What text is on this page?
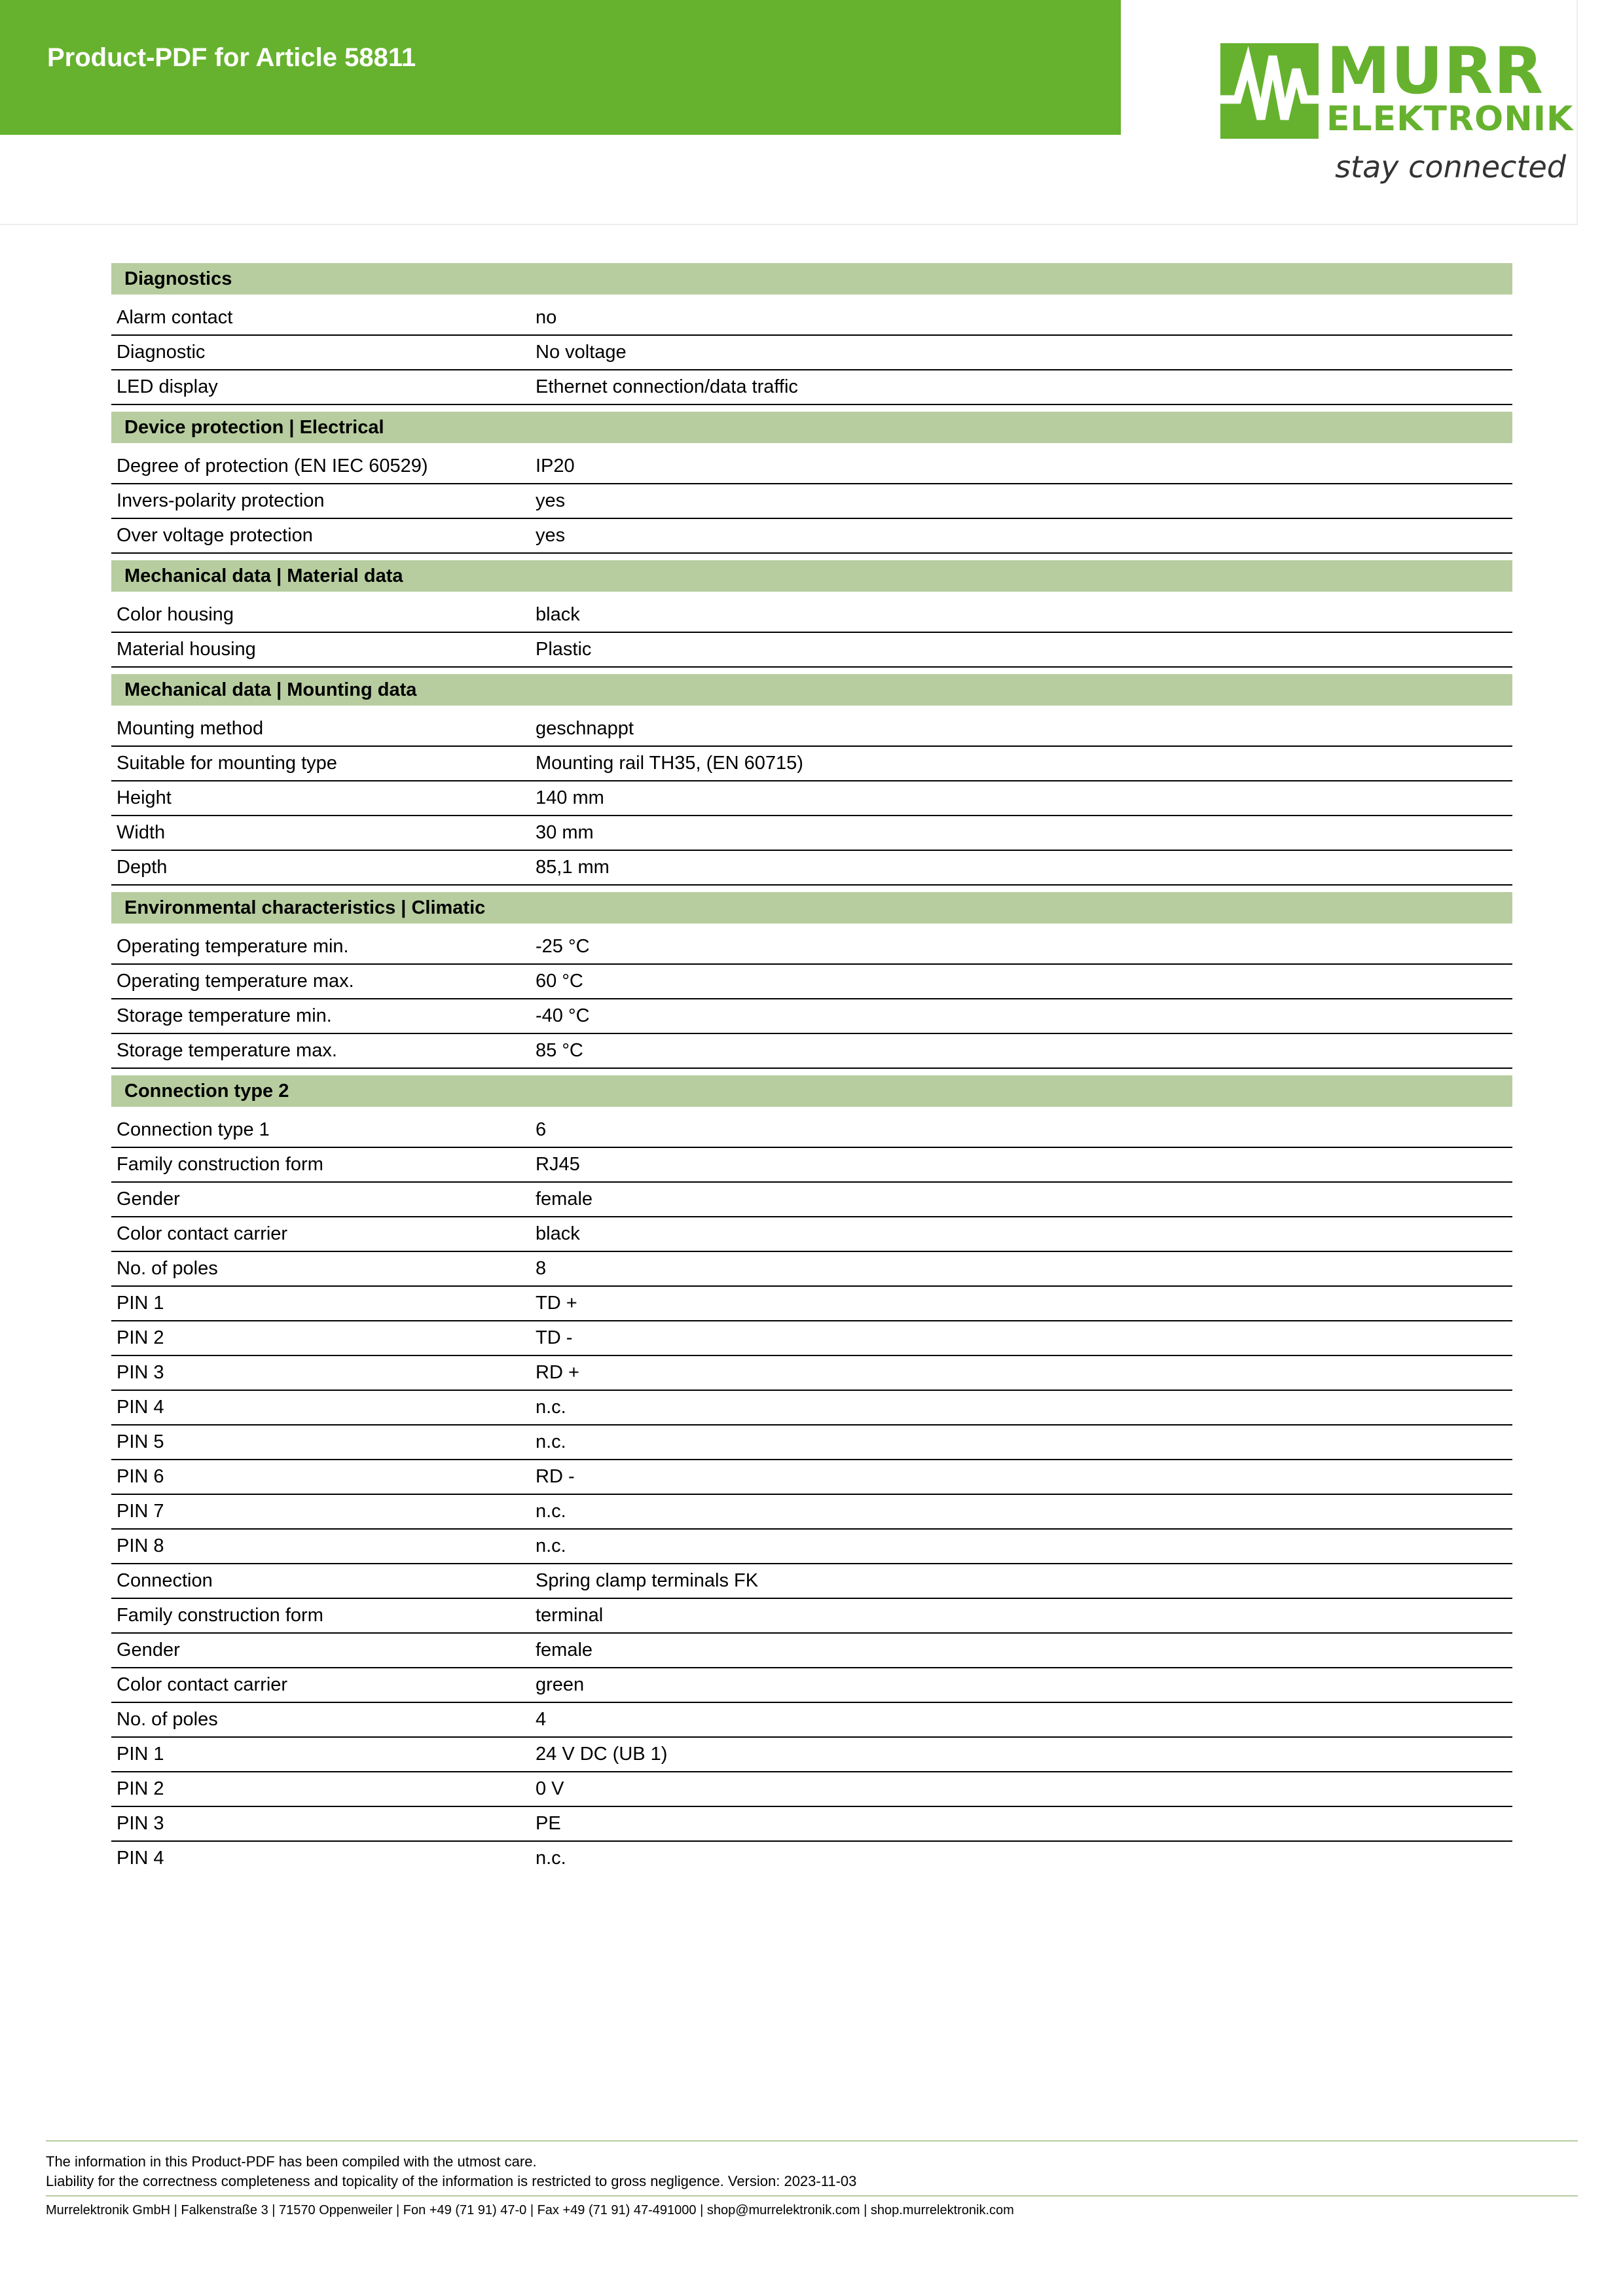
Product-PDF for Article 58811	MURR
ELEKTRONIK
stay connected
Diagnostics
Alarm contact	no
Diagnostic	No voltage
LED display	Ethernet connection/data traffic
Device protection | Electrical
Degree of protection (EN IEC 60529)	IP20
Invers-polarity protection	yes
Over voltage protection	yes
Mechanical data | Material data
Color housing	black
Material housing	Plastic
Mechanical data | Mounting data
Mounting method	geschnappt
Suitable for mounting type	Mounting rail TH35, (EN 60715)
Height	140 mm
Width	30 mm
Depth	85,1 mm
Environmental characteristics | Climatic
Operating temperature min.	-25 °C
Operating temperature max.	60 °C
Storage temperature min.	-40 °C
Storage temperature max.	85 °C
Connection type 2
Connection type 1	6
Family construction form	RJ45
Gender	female
Color contact carrier	black
No. of poles	8
PIN 1	TD +
PIN 2	TD -
PIN 3	RD +
PIN 4	n.c.
PIN 5	n.c.
PIN 6	RD -
PIN 7	n.c.
PIN 8	n.c.
Connection	Spring clamp terminals FK
Family construction form	terminal
Gender	female
Color contact carrier	green
No. of poles	4
PIN 1	24 V DC (UB 1)
PIN 2	0 V
PIN 3	PE
PIN 4	n.c.
The information in this Product-PDF has been compiled with the utmost care.
Liability for the correctness completeness and topicality of the information is restricted to gross negligence. Version: 2023-11-03
Murrelektronik GmbH | Falkenstraße 3 | 71570 Oppenweiler | Fon +49 (71 91) 47-0 | Fax +49 (71 91) 47-491000 | shop@murrelektronik.com | shop.murrelektronik.com
